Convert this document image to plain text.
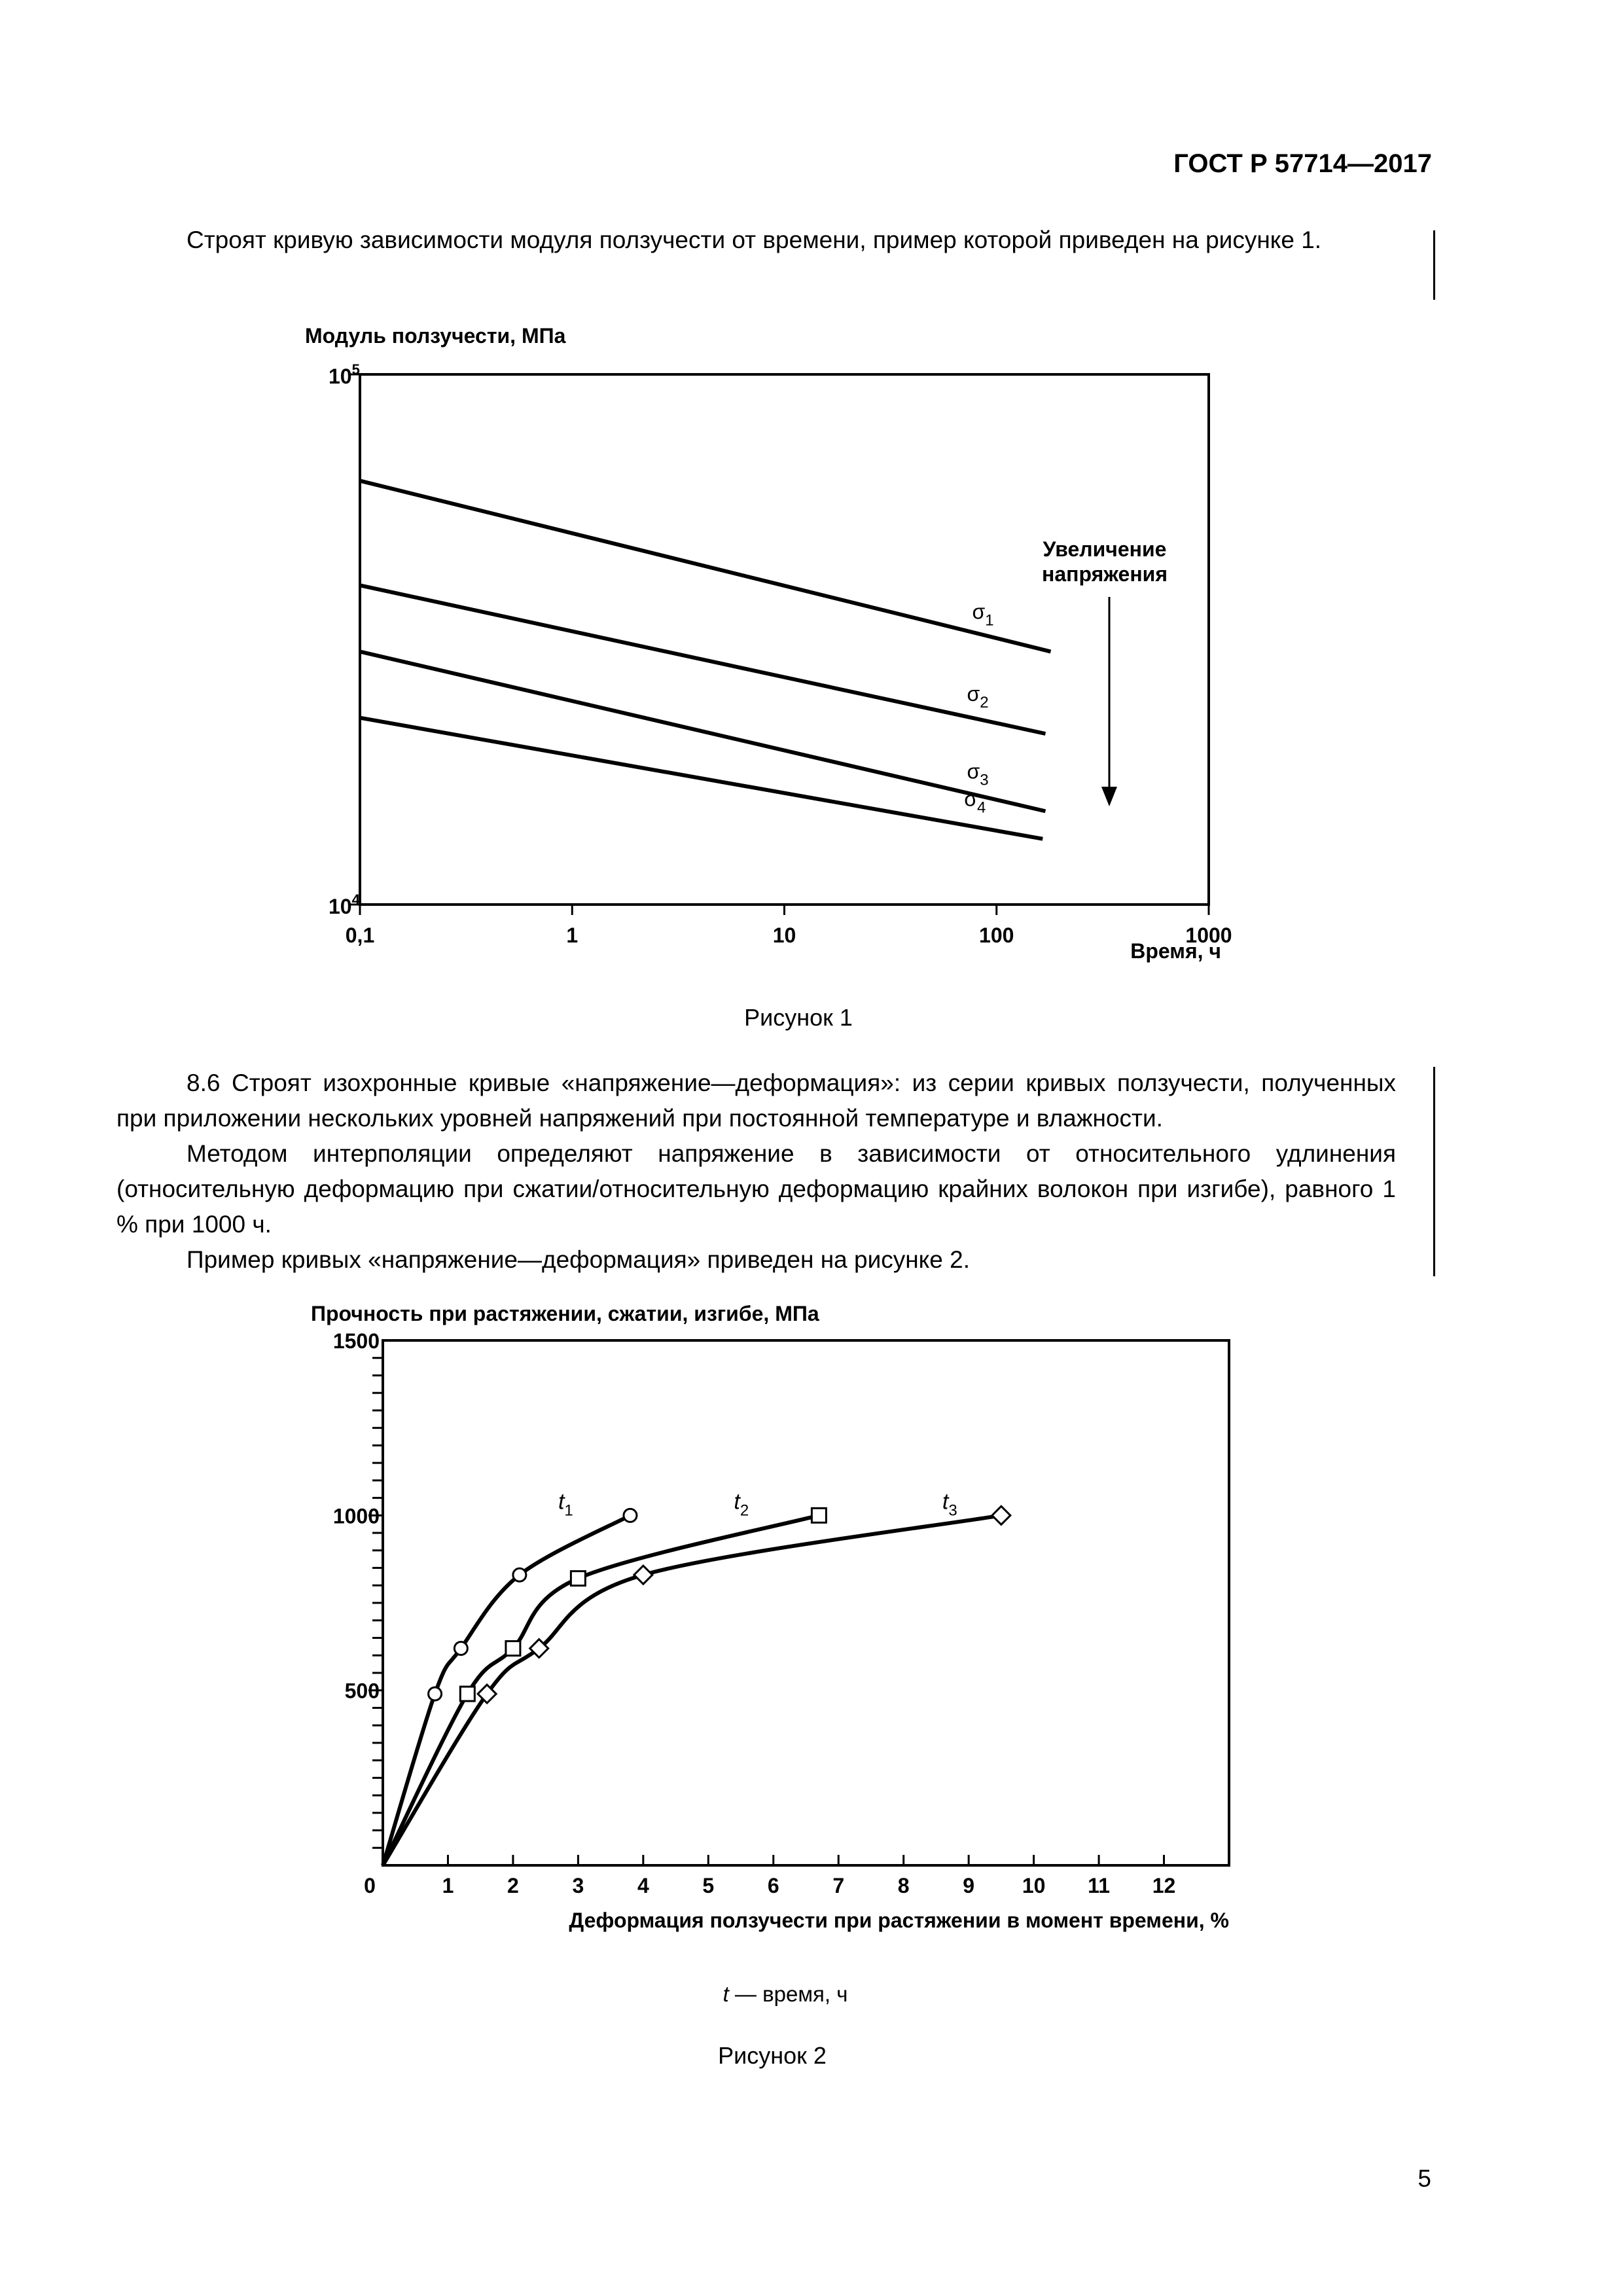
ГОСТ Р 57714—2017
Строят кривую зависимости модуля ползучести от времени, пример которой приведен на рисунке 1.
Модуль ползучести, МПа
0,1	1	10	100	1000
$\sigma_1$
$\sigma_2$
$\sigma_3$
$\sigma_4$
$10^5$
$10^4$
Время, ч
Увеличение
напряжения
Рисунок 1
8.6 Строят изохронные кривые «напряжение—деформация»: из серии кривых ползучести, полученных при приложении нескольких уровней напряжений при постоянной температуре и влажности.
Методом интерполяции определяют напряжение в зависимости от относительного удлинения (относительную деформацию при сжатии/относительную деформацию крайних волокон при изгибе), равного 1 % при 1000 ч.
Пример кривых «напряжение—деформация» приведен на рисунке 2.
Прочность при растяжении, сжатии, изгибе, МПа
0	1	2	3	4	5	6	7	8	9 10 11 12
500
1000
1500
$t_1$	$t_2$	$t_3$
Деформация ползучести при растяжении в момент времени, %
t — время, ч
Рисунок 2
5
